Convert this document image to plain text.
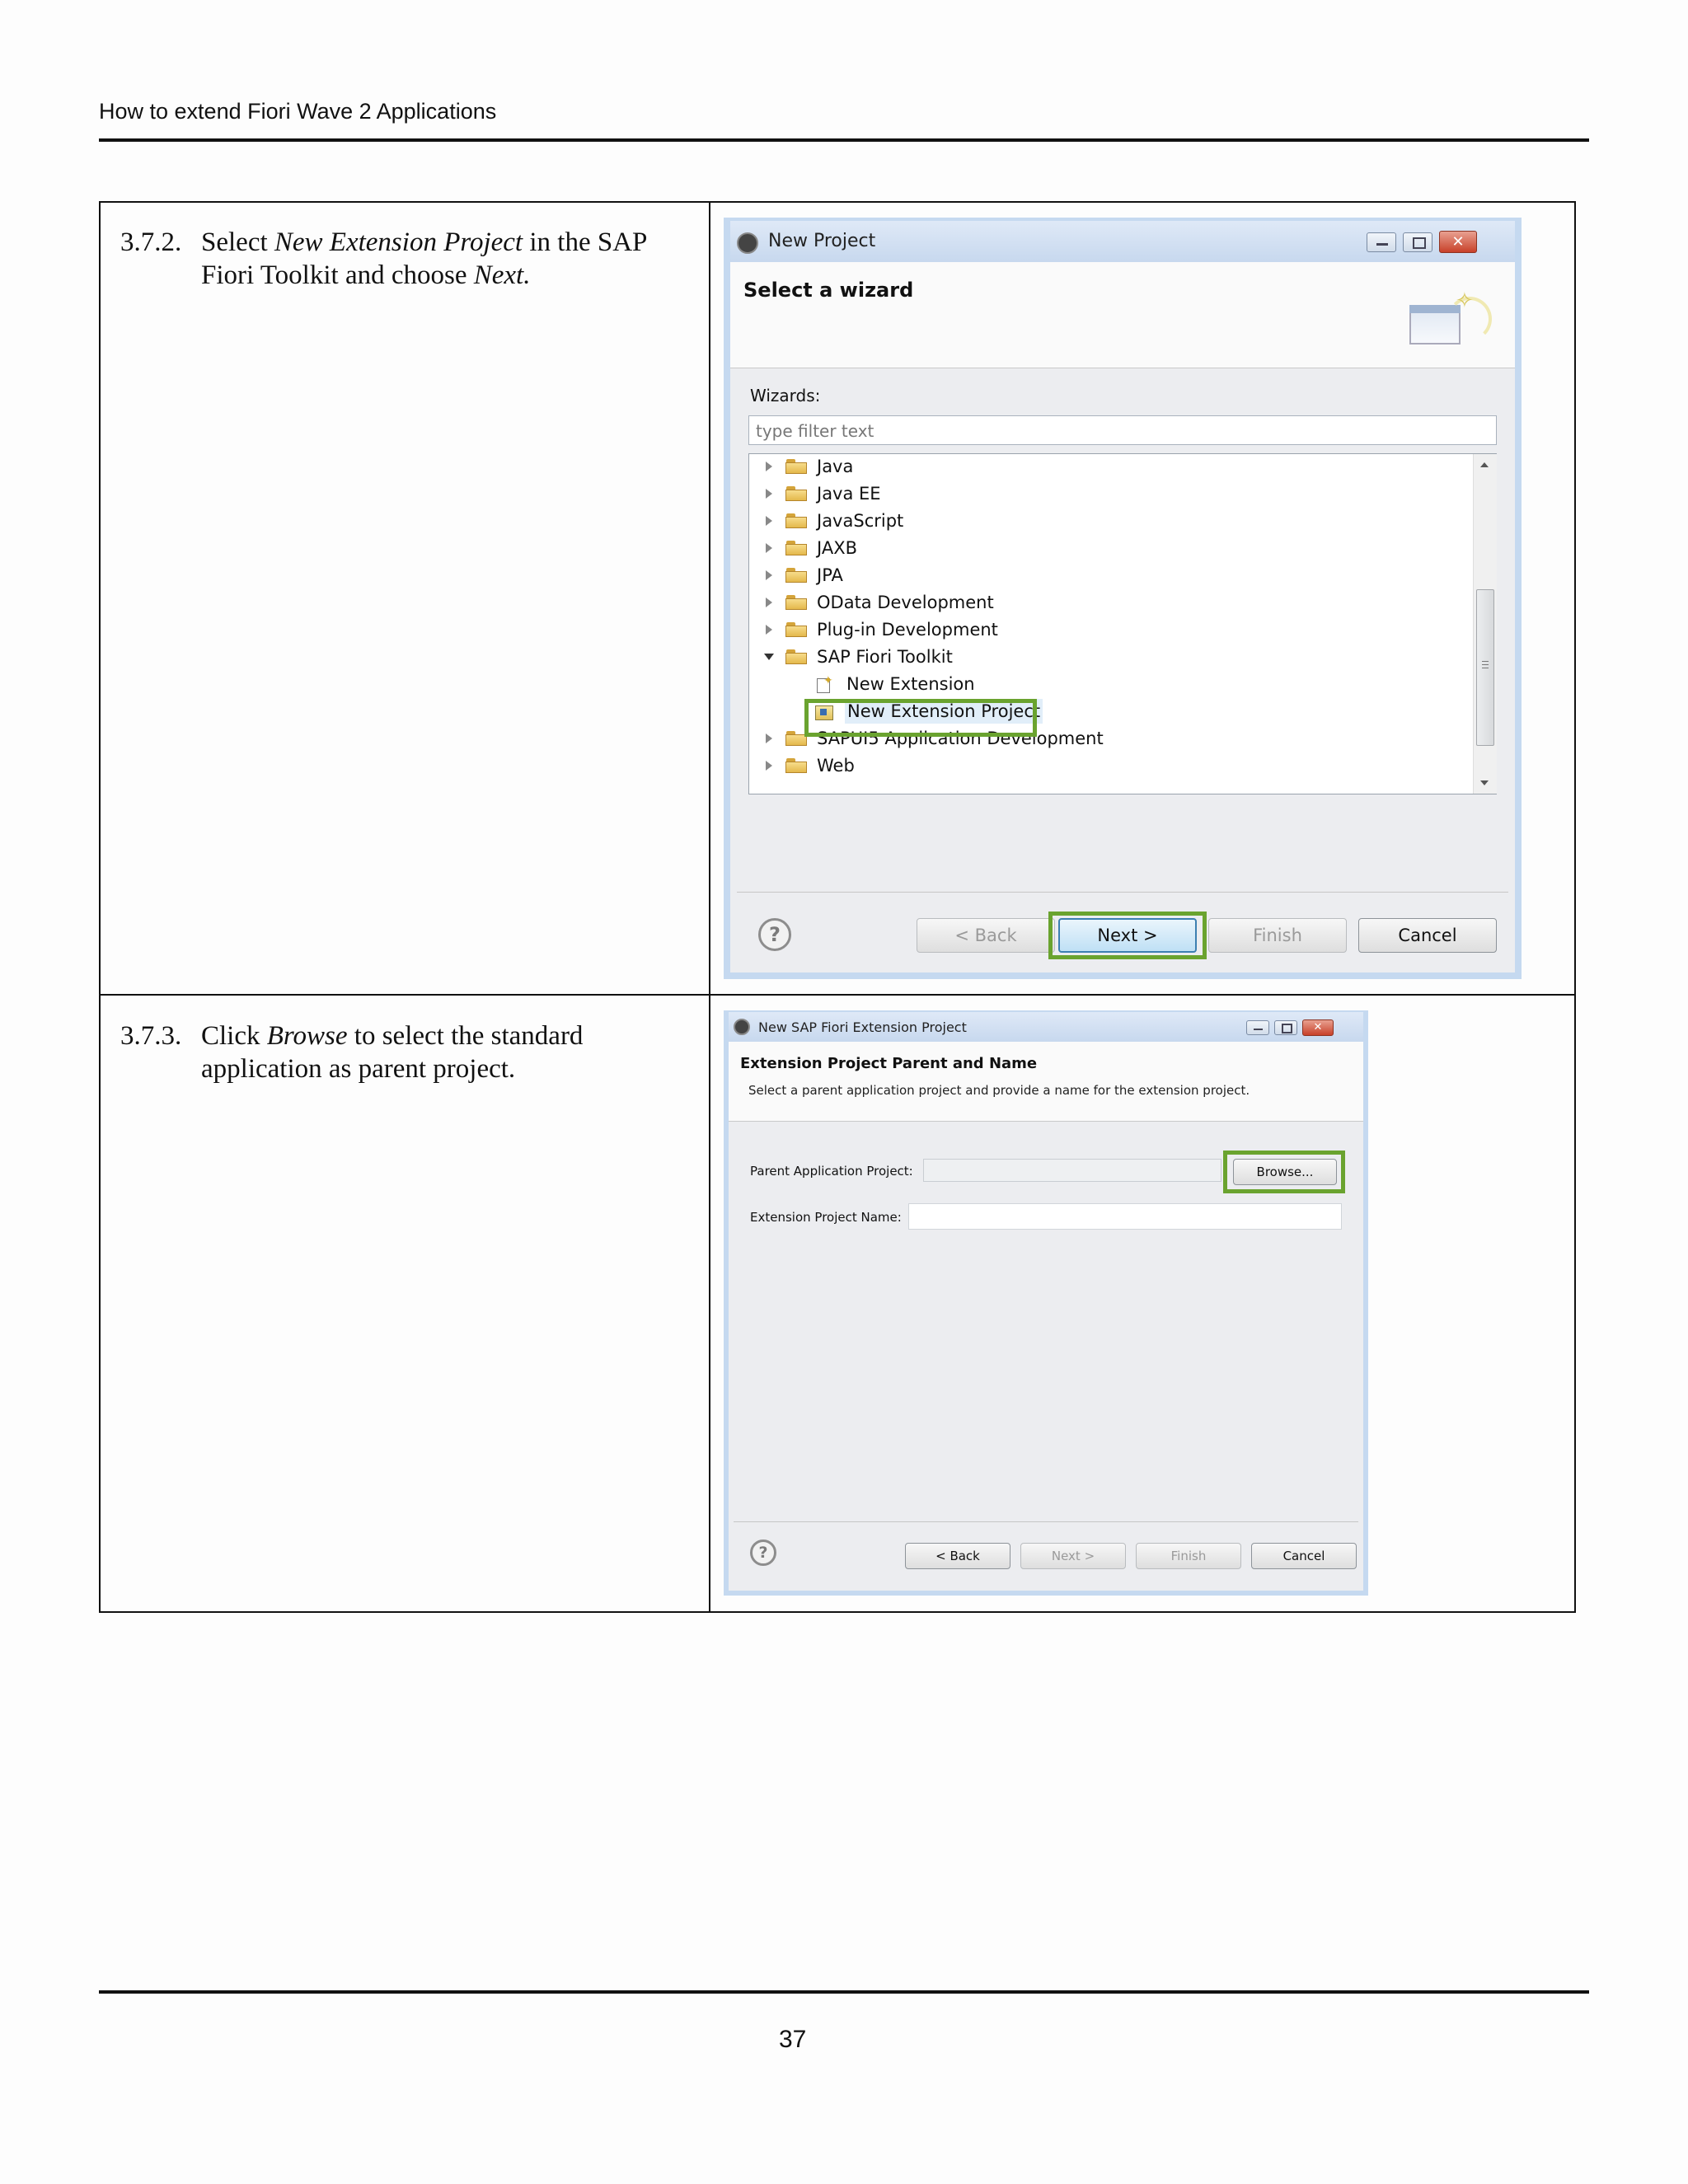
How to extend Fiori Wave 2 Applications
3.7.2. Select New Extension Project in the SAP Fiori Toolkit and choose Next.
3.7.3. Click Browse to select the standard application as parent project.
New Project	✕
Select a wizard	✧
Wizards:
type filter text
Java
Java EE
JavaScript
JAXB
JPA
OData Development
Plug-in Development
SAP Fiori Toolkit
✦ New Extension
New Extension Project
SAPUI5 Application Development
Web
?	< Back	Next >	Finish	Cancel
New SAP Fiori Extension Project	✕
Extension Project Parent and Name
Select a parent application project and provide a name for the extension project.
Parent Application Project:	Browse...
Extension Project Name:
?	< Back	Next >	Finish	Cancel
37
